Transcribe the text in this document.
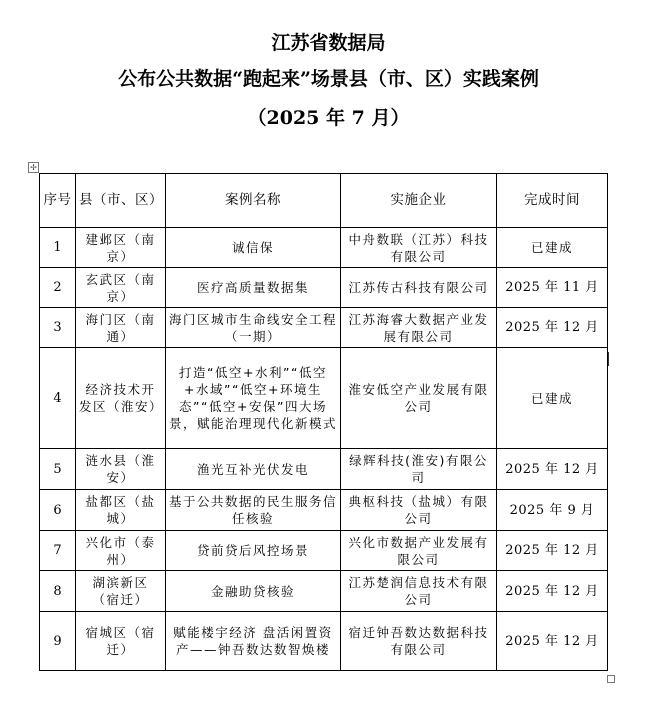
江苏省数据局
公布公共数据“跑起来”场景县（市、区）实践案例
（2025 年 7 月）
✢
序号	县（市、区）	案例名称	实施企业	完成时间
1	建邺区（南京）	诚信保	中舟数联（江苏）科技有限公司	已建成
2	玄武区（南京）	医疗高质量数据集	江苏传古科技有限公司	2025 年 11 月
3	海门区（南通）	海门区城市生命线安全工程（一期）	江苏海睿大数据产业发展有限公司	2025 年 12 月
4	经济技术开发区（淮安）	打造“低空+水利”“低空+水域”“低空+环境生态”“低空+安保”四大场景，赋能治理现代化新模式	淮安低空产业发展有限公司	已建成
5	涟水县（淮安）	渔光互补光伏发电	绿辉科技(淮安)有限公司	2025 年 12 月
6	盐都区（盐城）	基于公共数据的民生服务信任核验	典枢科技（盐城）有限公司	2025 年 9 月
7	兴化市（泰州）	贷前贷后风控场景	兴化市数据产业发展有限公司	2025 年 12 月
8	湖滨新区（宿迁）	金融助贷核验	江苏楚润信息技术有限公司	2025 年 12 月
9	宿城区（宿迁）	赋能楼宇经济 盘活闲置资产——钟吾数达数智焕楼	宿迁钟吾数达数据科技有限公司	2025 年 12 月
